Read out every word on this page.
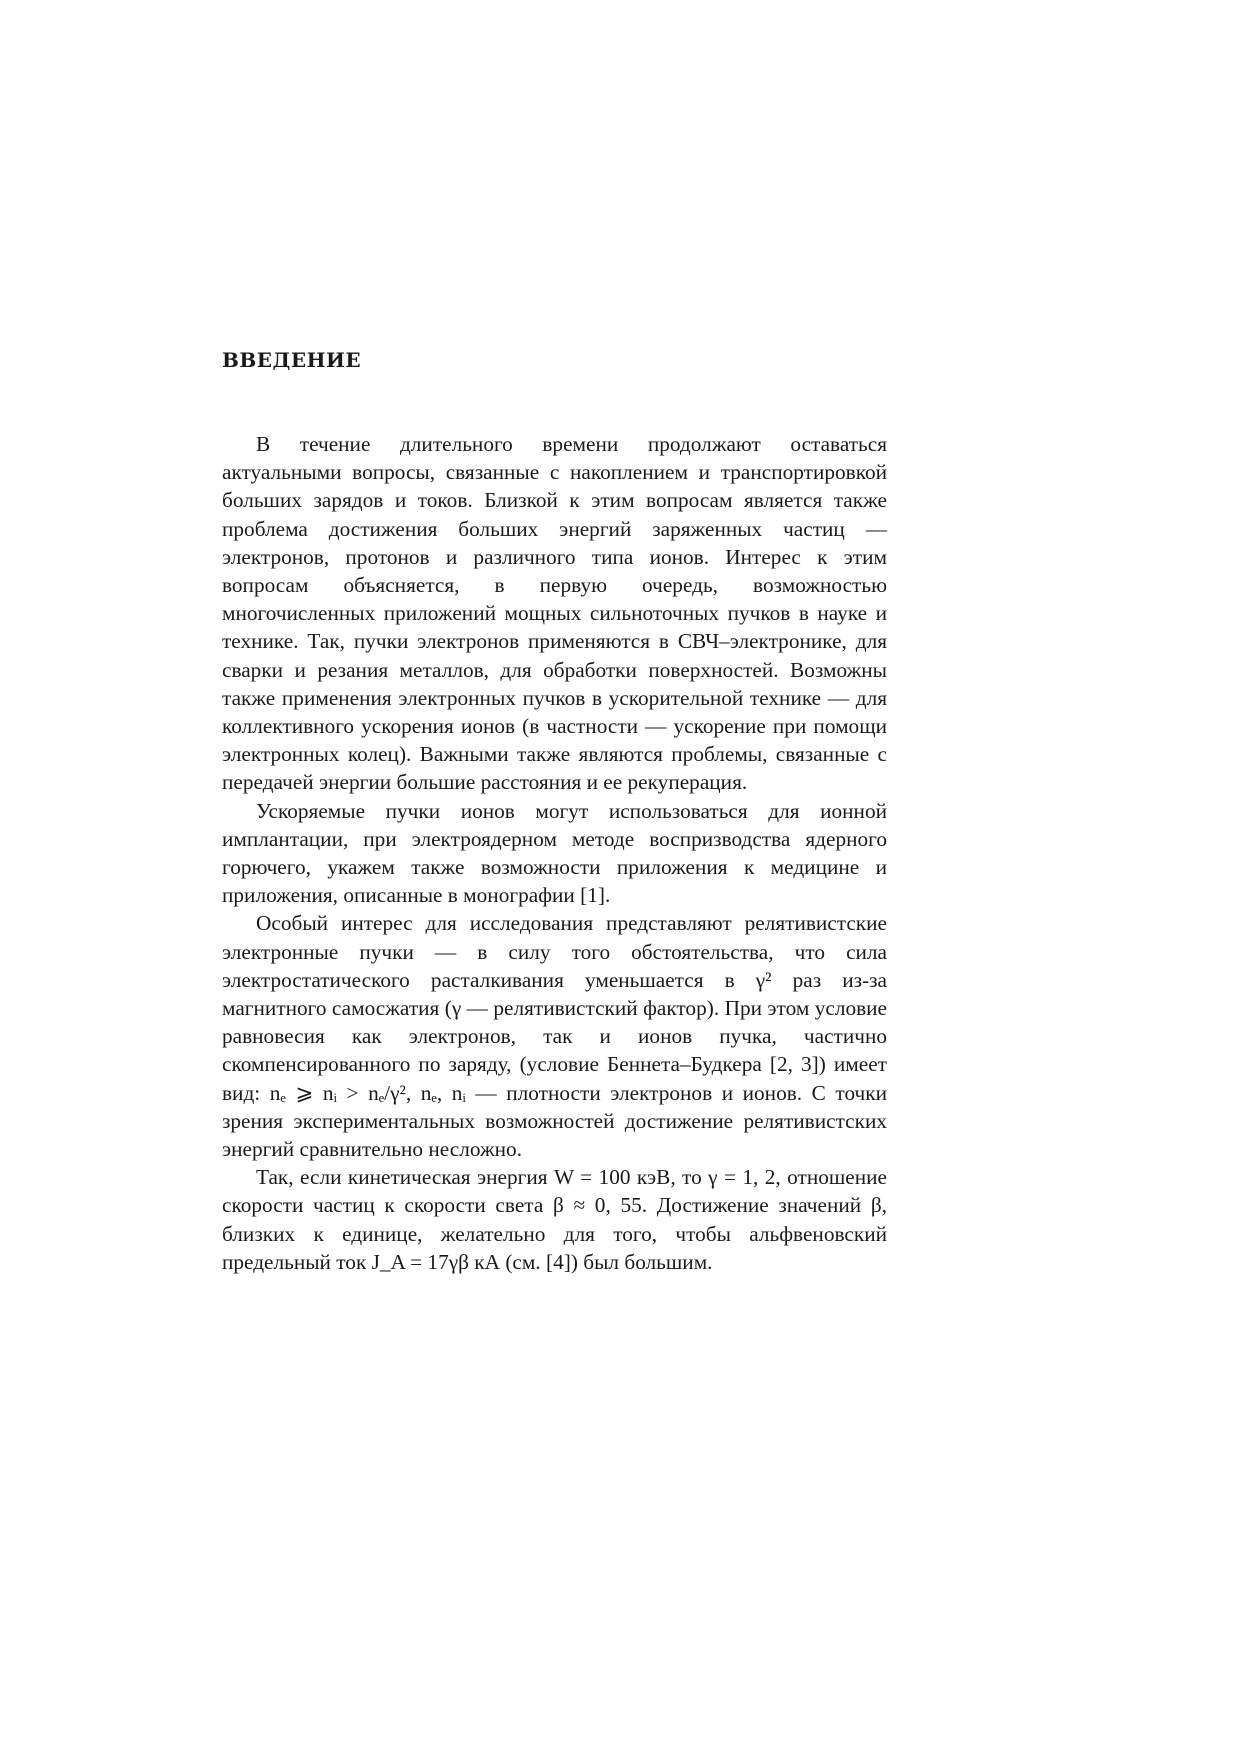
ВВЕДЕНИЕ

В течение длительного времени продолжают оставаться актуальными вопросы, связанные с накоплением и транспортировкой больших зарядов и токов. Близкой к этим вопросам является также проблема достижения больших энергий заряженных частиц — электронов, протонов и различного типа ионов. Интерес к этим вопросам объясняется, в первую очередь, возможностью многочисленных приложений мощных сильноточных пучков в науке и технике. Так, пучки электронов применяются в СВЧ–электронике, для сварки и резания металлов, для обработки поверхностей. Возможны также применения электронных пучков в ускорительной технике — для коллективного ускорения ионов (в частности — ускорение при помощи электронных колец). Важными также являются проблемы, связанные с передачей энергии большие расстояния и ее рекуперация.

Ускоряемые пучки ионов могут использоваться для ионной имплантации, при электроядерном методе воспризводства ядерного горючего, укажем также возможности приложения к медицине и приложения, описанные в монографии [1].

Особый интерес для исследования представляют релятивистские электронные пучки — в силу того обстоятельства, что сила электростатического расталкивания уменьшается в γ² раз из-за магнитного самосжатия (γ — релятивистский фактор). При этом условие равновесия как электронов, так и ионов пучка, частично скомпенсированного по заряду, (условие Беннета–Будкера [2, 3]) имеет вид: nₑ ⩾ nᵢ > nₑ/γ², nₑ, nᵢ — плотности электронов и ионов. С точки зрения экспериментальных возможностей достижение релятивистских энергий сравнительно несложно.

Так, если кинетическая энергия W = 100 кэВ, то γ = 1, 2, отношение скорости частиц к скорости света β ≈ 0, 55. Достижение значений β, близких к единице, желательно для того, чтобы альфвеновский предельный ток J_A = 17γβ кА (см. [4]) был большим.
